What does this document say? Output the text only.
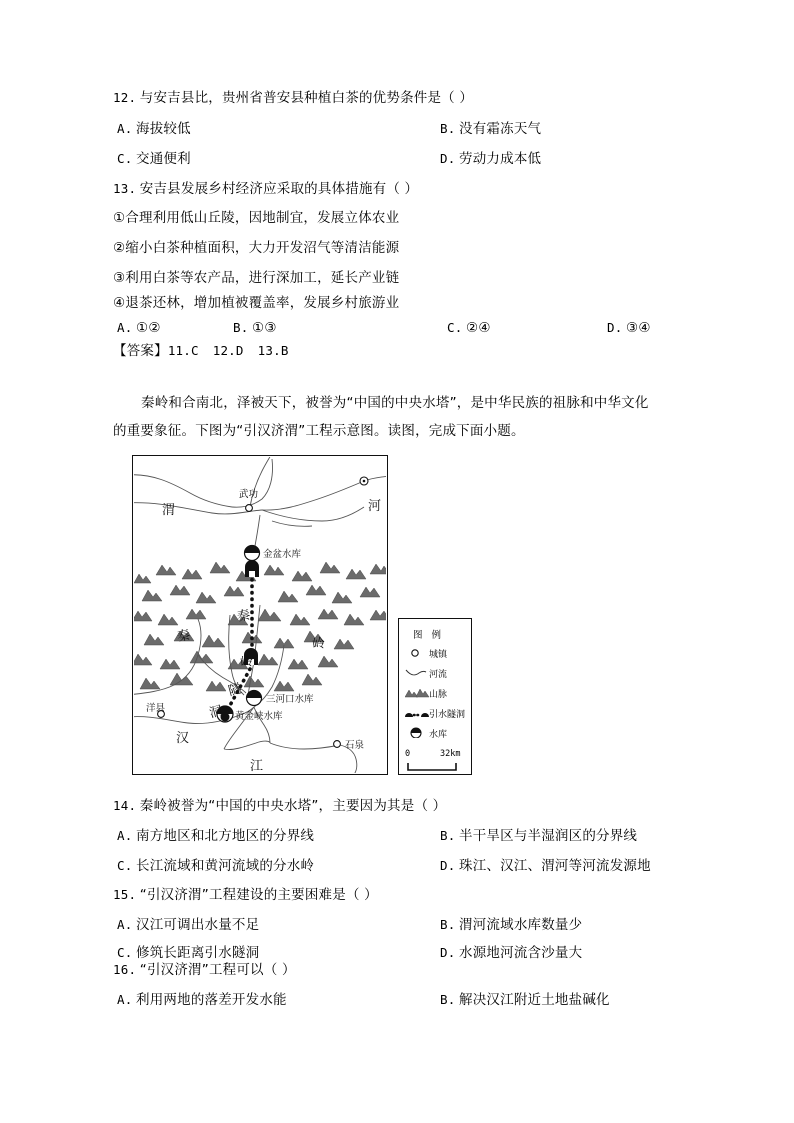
12. 与安吉县比，贵州省普安县种植白茶的优势条件是（ ）
A. 海拔较低	B. 没有霜冻天气
C. 交通便利	D. 劳动力成本低
13. 安吉县发展乡村经济应采取的具体措施有（ ）
①合理利用低山丘陵，因地制宜，发展立体农业
②缩小白茶种植面积，大力开发沼气等清洁能源
③利用白茶等农产品，进行深加工，延长产业链
④退茶还林，增加植被覆盖率，发展乡村旅游业
A. ①②	B. ①③	C. ②④	D. ③④
【答案】11.C 12.D 13.B
秦岭和合南北，泽被天下，被誉为“中国的中央水塔”，是中华民族的祖脉和中华文化
的重要象征。下图为“引汉济渭”工程示意图。读图，完成下面小题。
渭	河
武功
金盆水库
秦
秦
岭
岭
隧
洞
洋县
汉
江
三河口水库
黄金峡水库
石泉
图 例
城镇
河流
山脉
引水隧洞
水库
0	32km
14. 秦岭被誉为“中国的中央水塔”，主要因为其是（ ）
A. 南方地区和北方地区的分界线	B. 半干旱区与半湿润区的分界线
C. 长江流域和黄河流域的分水岭	D. 珠江、汉江、渭河等河流发源地
15. “引汉济渭”工程建设的主要困难是（ ）
A. 汉江可调出水量不足	B. 渭河流域水库数量少
C. 修筑长距离引水隧洞	D. 水源地河流含沙量大
16. “引汉济渭”工程可以（ ）
A. 利用两地的落差开发水能	B. 解决汉江附近土地盐碱化
